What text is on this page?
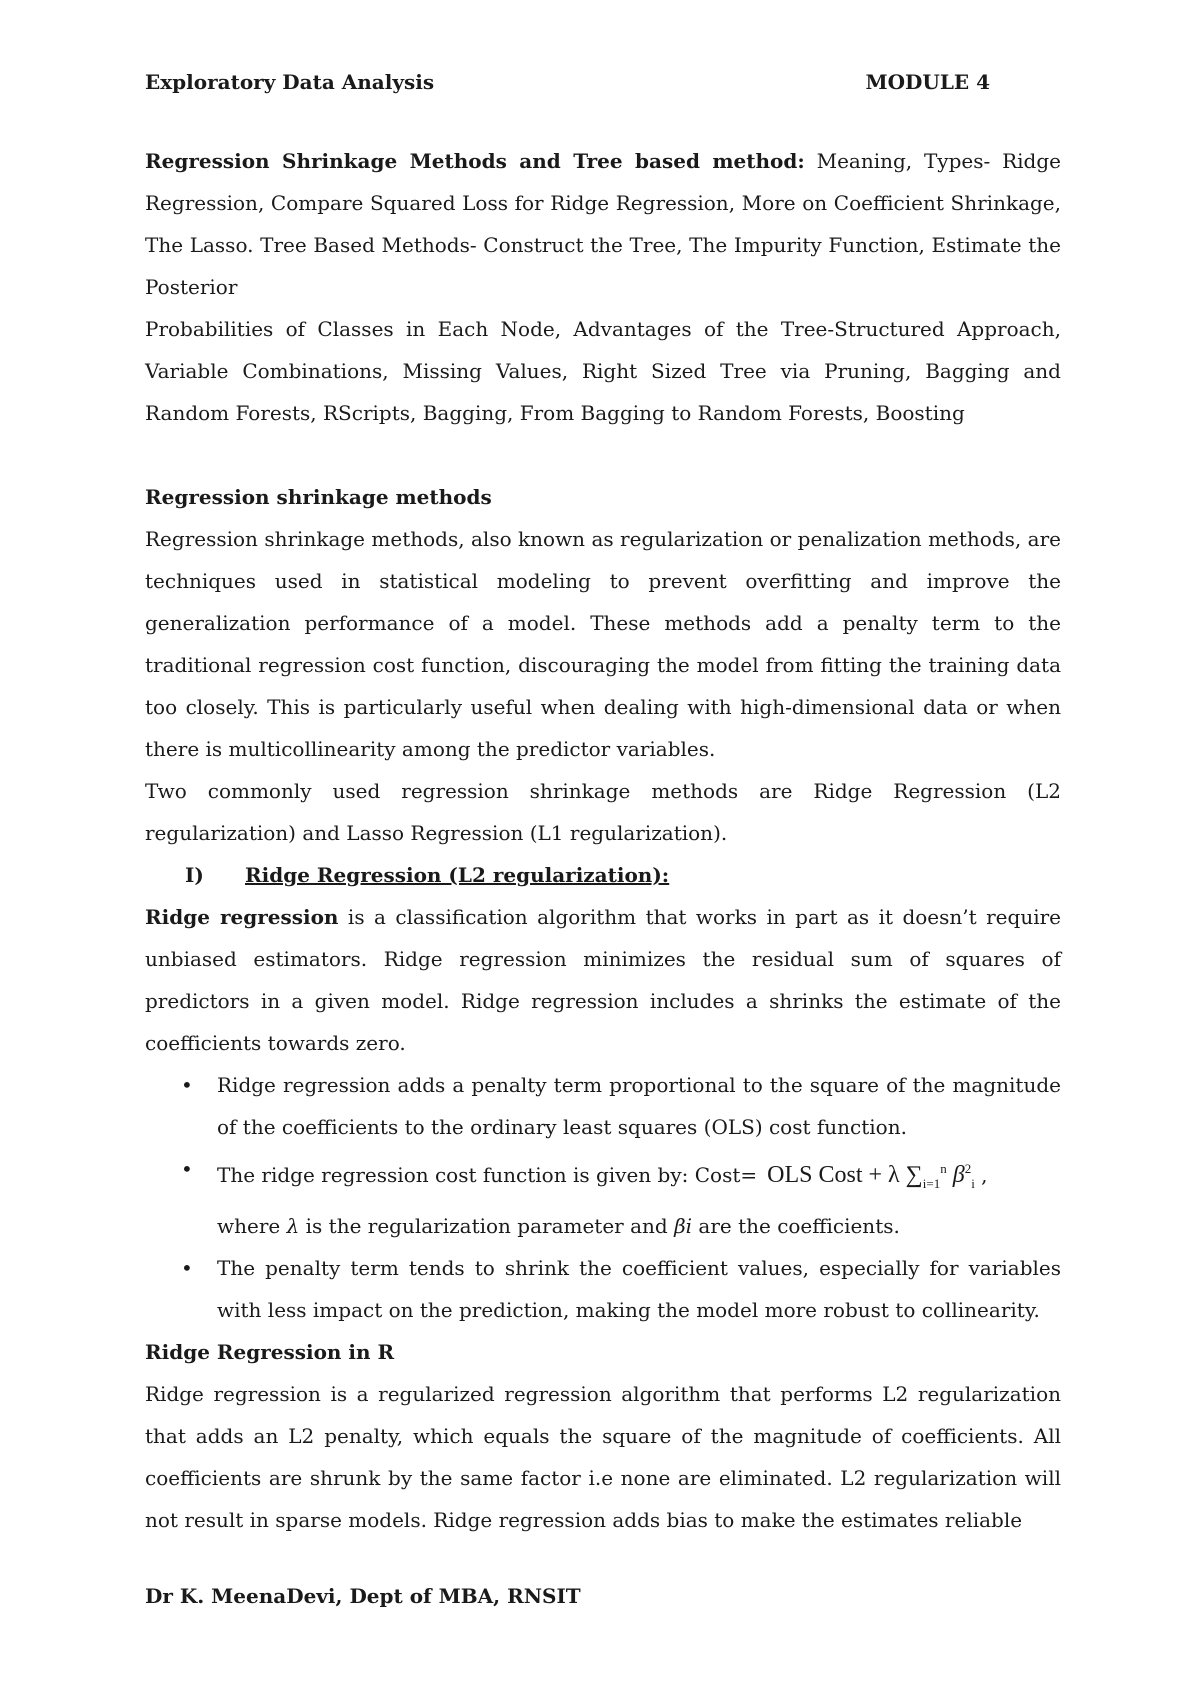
Exploratory Data Analysis	MODULE 4

Regression Shrinkage Methods and Tree based method: Meaning, Types- Ridge Regression, Compare Squared Loss for Ridge Regression, More on Coefficient Shrinkage, The Lasso. Tree Based Methods- Construct the Tree, The Impurity Function, Estimate the Posterior

Probabilities of Classes in Each Node, Advantages of the Tree-Structured Approach, Variable Combinations, Missing Values, Right Sized Tree via Pruning, Bagging and Random Forests, RScripts, Bagging, From Bagging to Random Forests, Boosting

Regression shrinkage methods

Regression shrinkage methods, also known as regularization or penalization methods, are techniques used in statistical modeling to prevent overfitting and improve the generalization performance of a model. These methods add a penalty term to the traditional regression cost function, discouraging the model from fitting the training data too closely. This is particularly useful when dealing with high-dimensional data or when there is multicollinearity among the predictor variables.

Two commonly used regression shrinkage methods are Ridge Regression (L2 regularization) and Lasso Regression (L1 regularization).

I) Ridge Regression (L2 regularization):

Ridge regression is a classification algorithm that works in part as it doesn’t require unbiased estimators. Ridge regression minimizes the residual sum of squares of predictors in a given model. Ridge regression includes a shrinks the estimate of the coefficients towards zero.

• Ridge regression adds a penalty term proportional to the square of the magnitude of the coefficients to the ordinary least squares (OLS) cost function.
• The ridge regression cost function is given by: Cost= OLS Cost + λ $\sum_{i=1}^n$ $\beta^2_i$ ,
where λ is the regularization parameter and βi are the coefficients.
• The penalty term tends to shrink the coefficient values, especially for variables with less impact on the prediction, making the model more robust to collinearity.

Ridge Regression in R

Ridge regression is a regularized regression algorithm that performs L2 regularization that adds an L2 penalty, which equals the square of the magnitude of coefficients. All coefficients are shrunk by the same factor i.e none are eliminated. L2 regularization will not result in sparse models. Ridge regression adds bias to make the estimates reliable

Dr K. MeenaDevi, Dept of MBA, RNSIT
